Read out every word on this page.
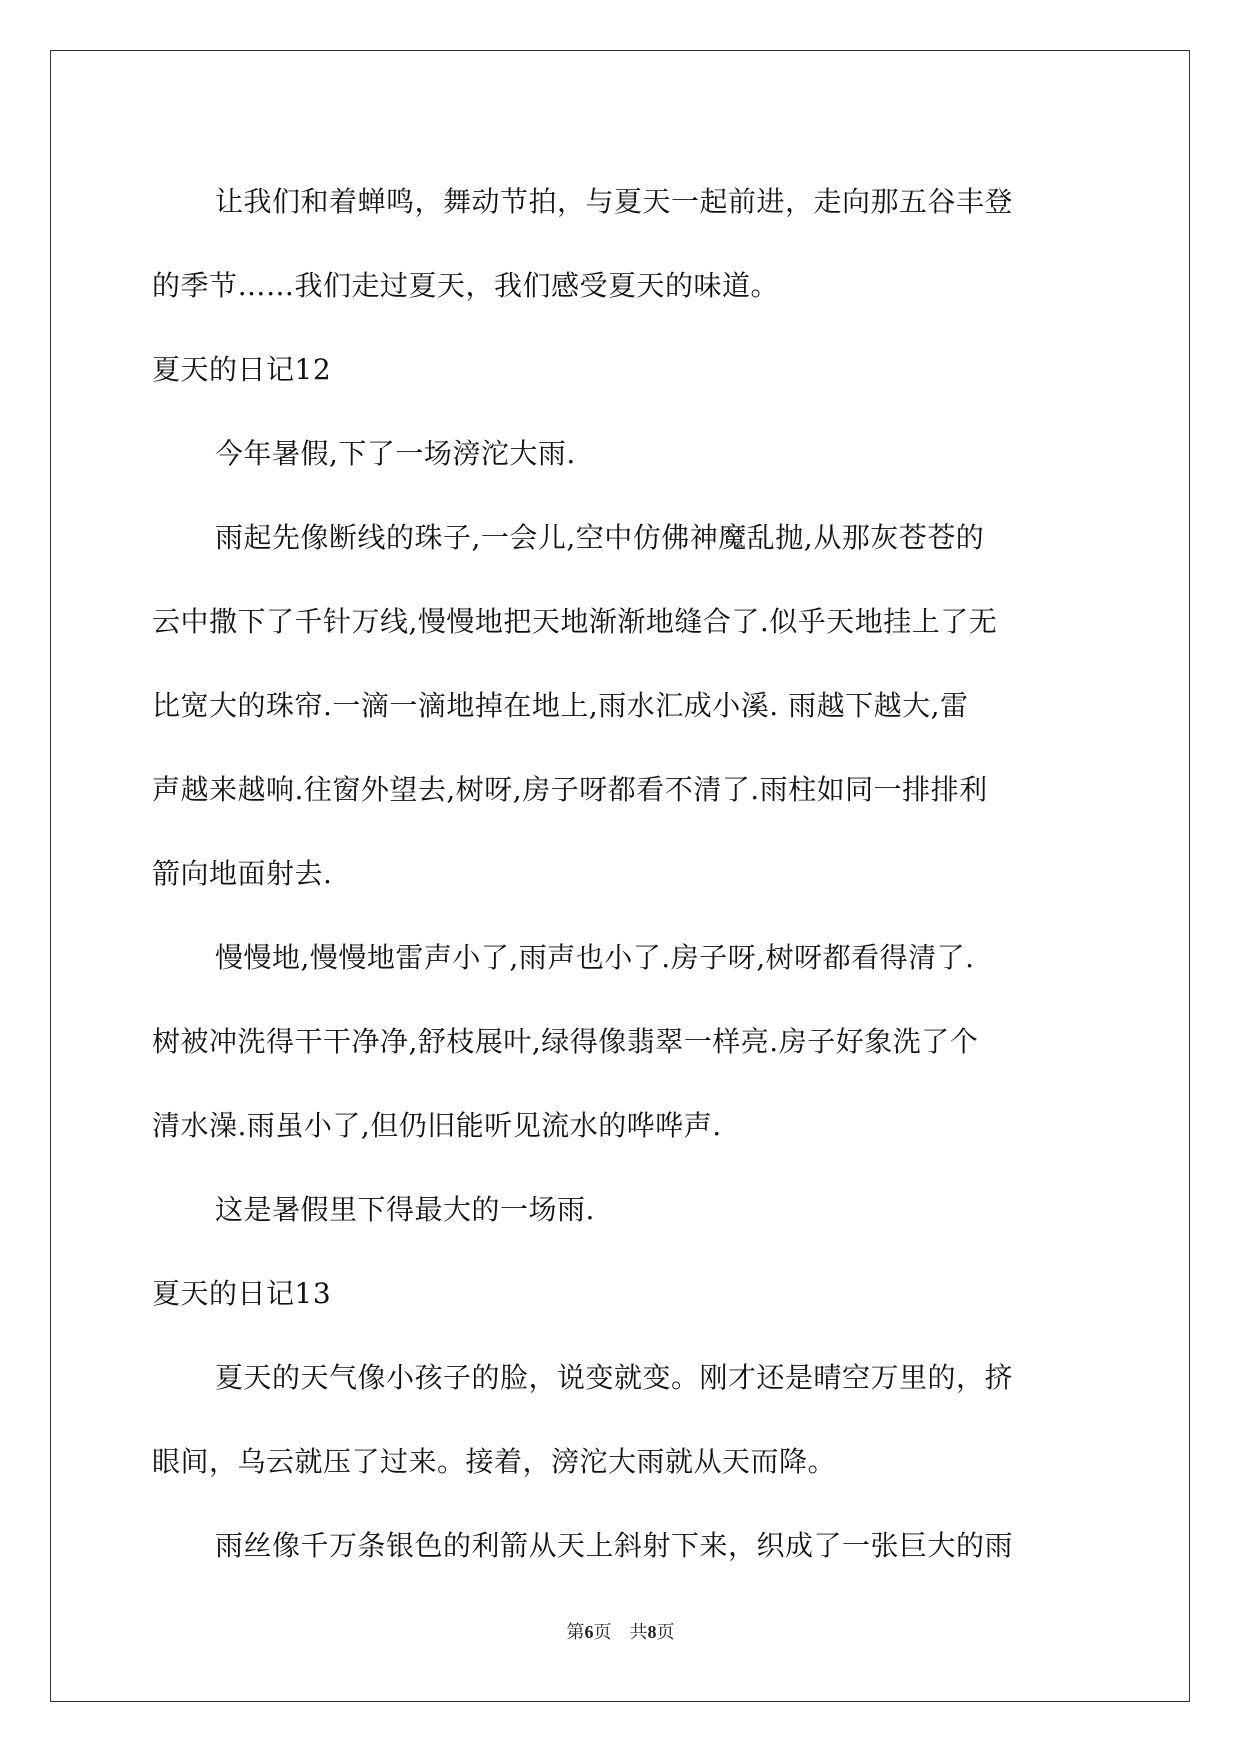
让我们和着蝉鸣，舞动节拍，与夏天一起前进，走向那五谷丰登
的季节……我们走过夏天，我们感受夏天的味道。
夏天的日记12
今年暑假,下了一场滂沱大雨.
雨起先像断线的珠子,一会儿,空中仿佛神魔乱抛,从那灰苍苍的
云中撒下了千针万线,慢慢地把天地渐渐地缝合了.似乎天地挂上了无
比宽大的珠帘.一滴一滴地掉在地上,雨水汇成小溪. 雨越下越大,雷
声越来越响.往窗外望去,树呀,房子呀都看不清了.雨柱如同一排排利
箭向地面射去.
慢慢地,慢慢地雷声小了,雨声也小了.房子呀,树呀都看得清了.
树被冲洗得干干净净,舒枝展叶,绿得像翡翠一样亮.房子好象洗了个
清水澡.雨虽小了,但仍旧能听见流水的哗哗声.
这是暑假里下得最大的一场雨.
夏天的日记13
夏天的天气像小孩子的脸，说变就变。刚才还是晴空万里的，挤
眼间，乌云就压了过来。接着，滂沱大雨就从天而降。
雨丝像千万条银色的利箭从天上斜射下来，织成了一张巨大的雨
第6页　共8页
